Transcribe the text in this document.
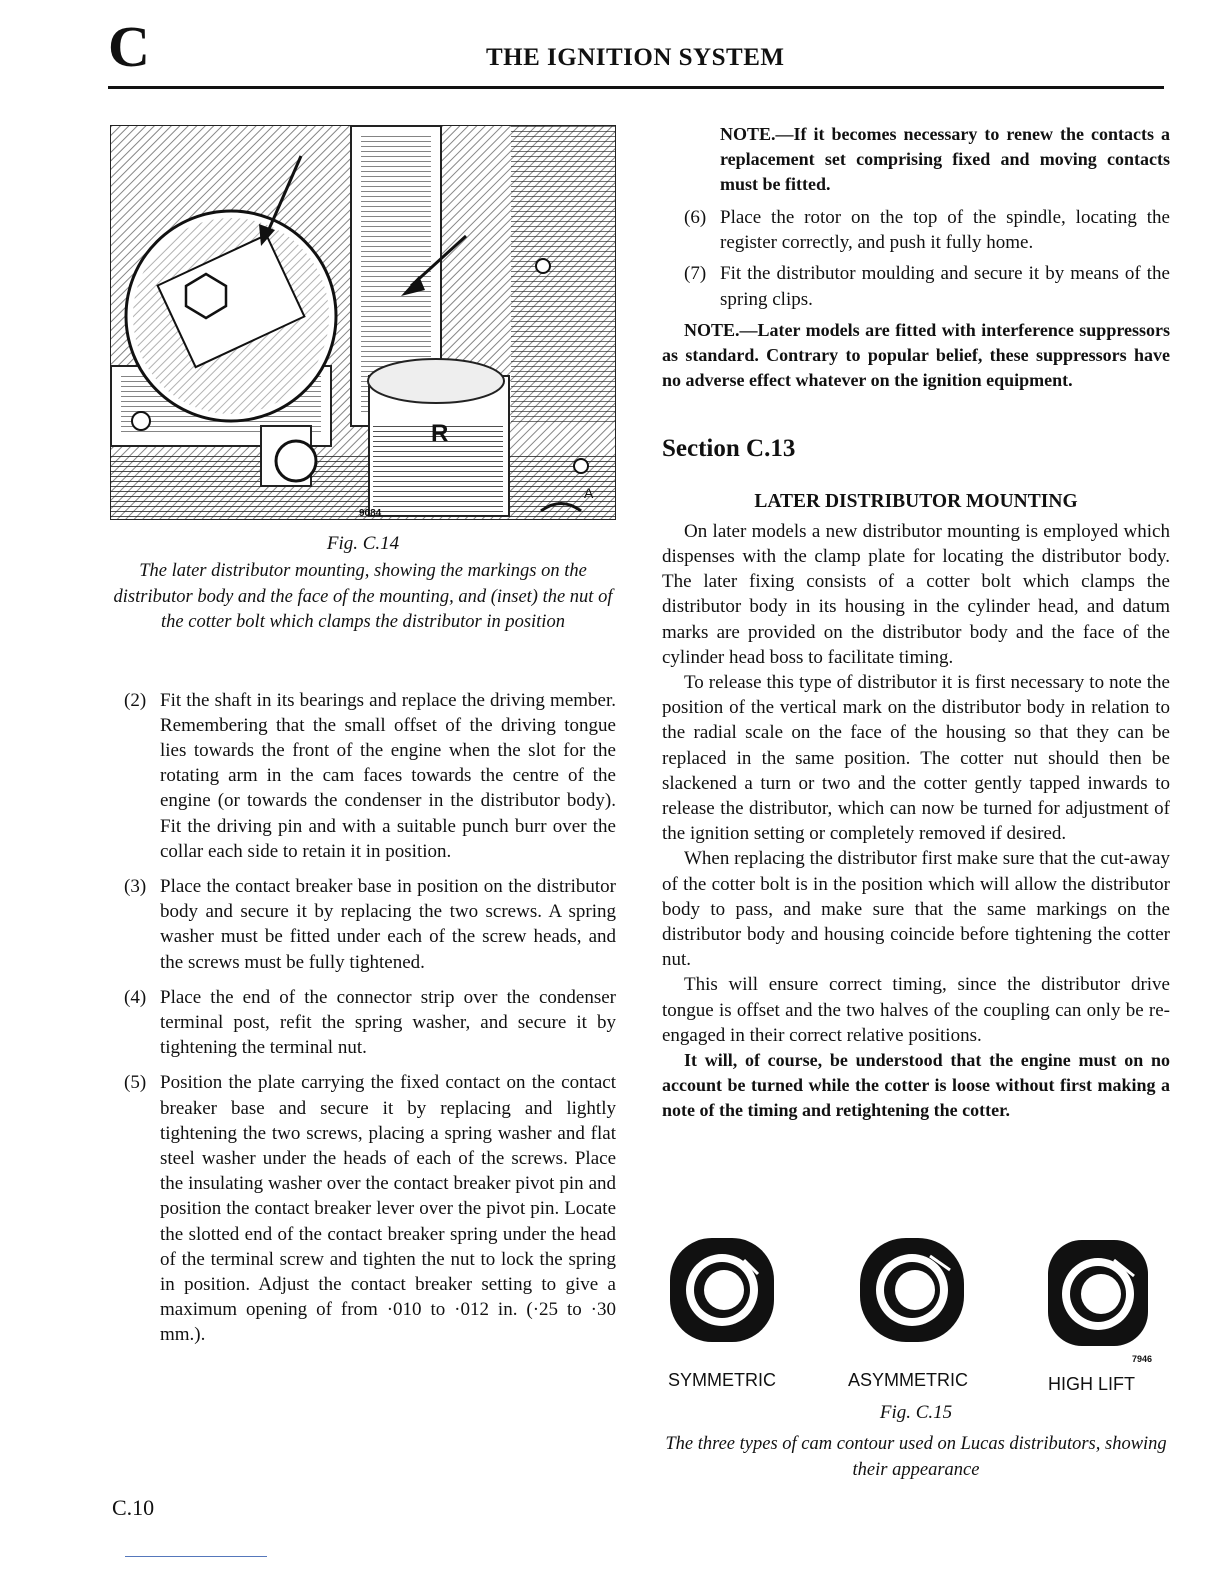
C	THE IGNITION SYSTEM
R
A
9084
Fig. C.14
The later distributor mounting, showing the markings on the distributor body and the face of the mounting, and (inset) the nut of the cotter bolt which clamps the distributor in position
(2) Fit the shaft in its bearings and replace the driving member. Remembering that the small offset of the driving tongue lies towards the front of the engine when the slot for the rotating arm in the cam faces towards the centre of the engine (or towards the condenser in the distributor body). Fit the driving pin and with a suitable punch burr over the collar each side to retain it in position.
(3) Place the contact breaker base in position on the distributor body and secure it by replacing the two screws. A spring washer must be fitted under each of the screw heads, and the screws must be fully tightened.
(4) Place the end of the connector strip over the condenser terminal post, refit the spring washer, and secure it by tightening the terminal nut.
(5) Position the plate carrying the fixed contact on the contact breaker base and secure it by replacing and lightly tightening the two screws, placing a spring washer and flat steel washer under the heads of each of the screws. Place the insulating washer over the contact breaker pivot pin and position the contact breaker lever over the pivot pin. Locate the slotted end of the contact breaker spring under the head of the terminal screw and tighten the nut to lock the spring in position. Adjust the contact breaker setting to give a maximum opening of from ·010 to ·012 in. (·25 to ·30 mm.).
NOTE.—If it becomes necessary to renew the contacts a replacement set comprising fixed and moving contacts must be fitted.
(6) Place the rotor on the top of the spindle, locating the register correctly, and push it fully home.
(7) Fit the distributor moulding and secure it by means of the spring clips.
NOTE.—Later models are fitted with interference suppressors as standard. Contrary to popular belief, these suppressors have no adverse effect whatever on the ignition equipment.
Section C.13
LATER DISTRIBUTOR MOUNTING
On later models a new distributor mounting is employed which dispenses with the clamp plate for locating the distributor body. The later fixing consists of a cotter bolt which clamps the distributor body in its housing in the cylinder head, and datum marks are provided on the distributor body and the face of the cylinder head boss to facilitate timing.
To release this type of distributor it is first necessary to note the position of the vertical mark on the distributor body in relation to the radial scale on the face of the housing so that they can be replaced in the same position. The cotter nut should then be slackened a turn or two and the cotter gently tapped inwards to release the distributor, which can now be turned for adjustment of the ignition setting or completely removed if desired.
When replacing the distributor first make sure that the cut-away of the cotter bolt is in the position which will allow the distributor body to pass, and make sure that the same markings on the distributor body and housing coincide before tightening the cotter nut.
This will ensure correct timing, since the distributor drive tongue is offset and the two halves of the coupling can only be re-engaged in their correct relative positions.
It will, of course, be understood that the engine must on no account be turned while the cotter is loose without first making a note of the timing and retightening the cotter.
SYMMETRIC	ASYMMETRIC	HIGH LIFT
7946
Fig. C.15
The three types of cam contour used on Lucas distributors, showing their appearance
C.10
